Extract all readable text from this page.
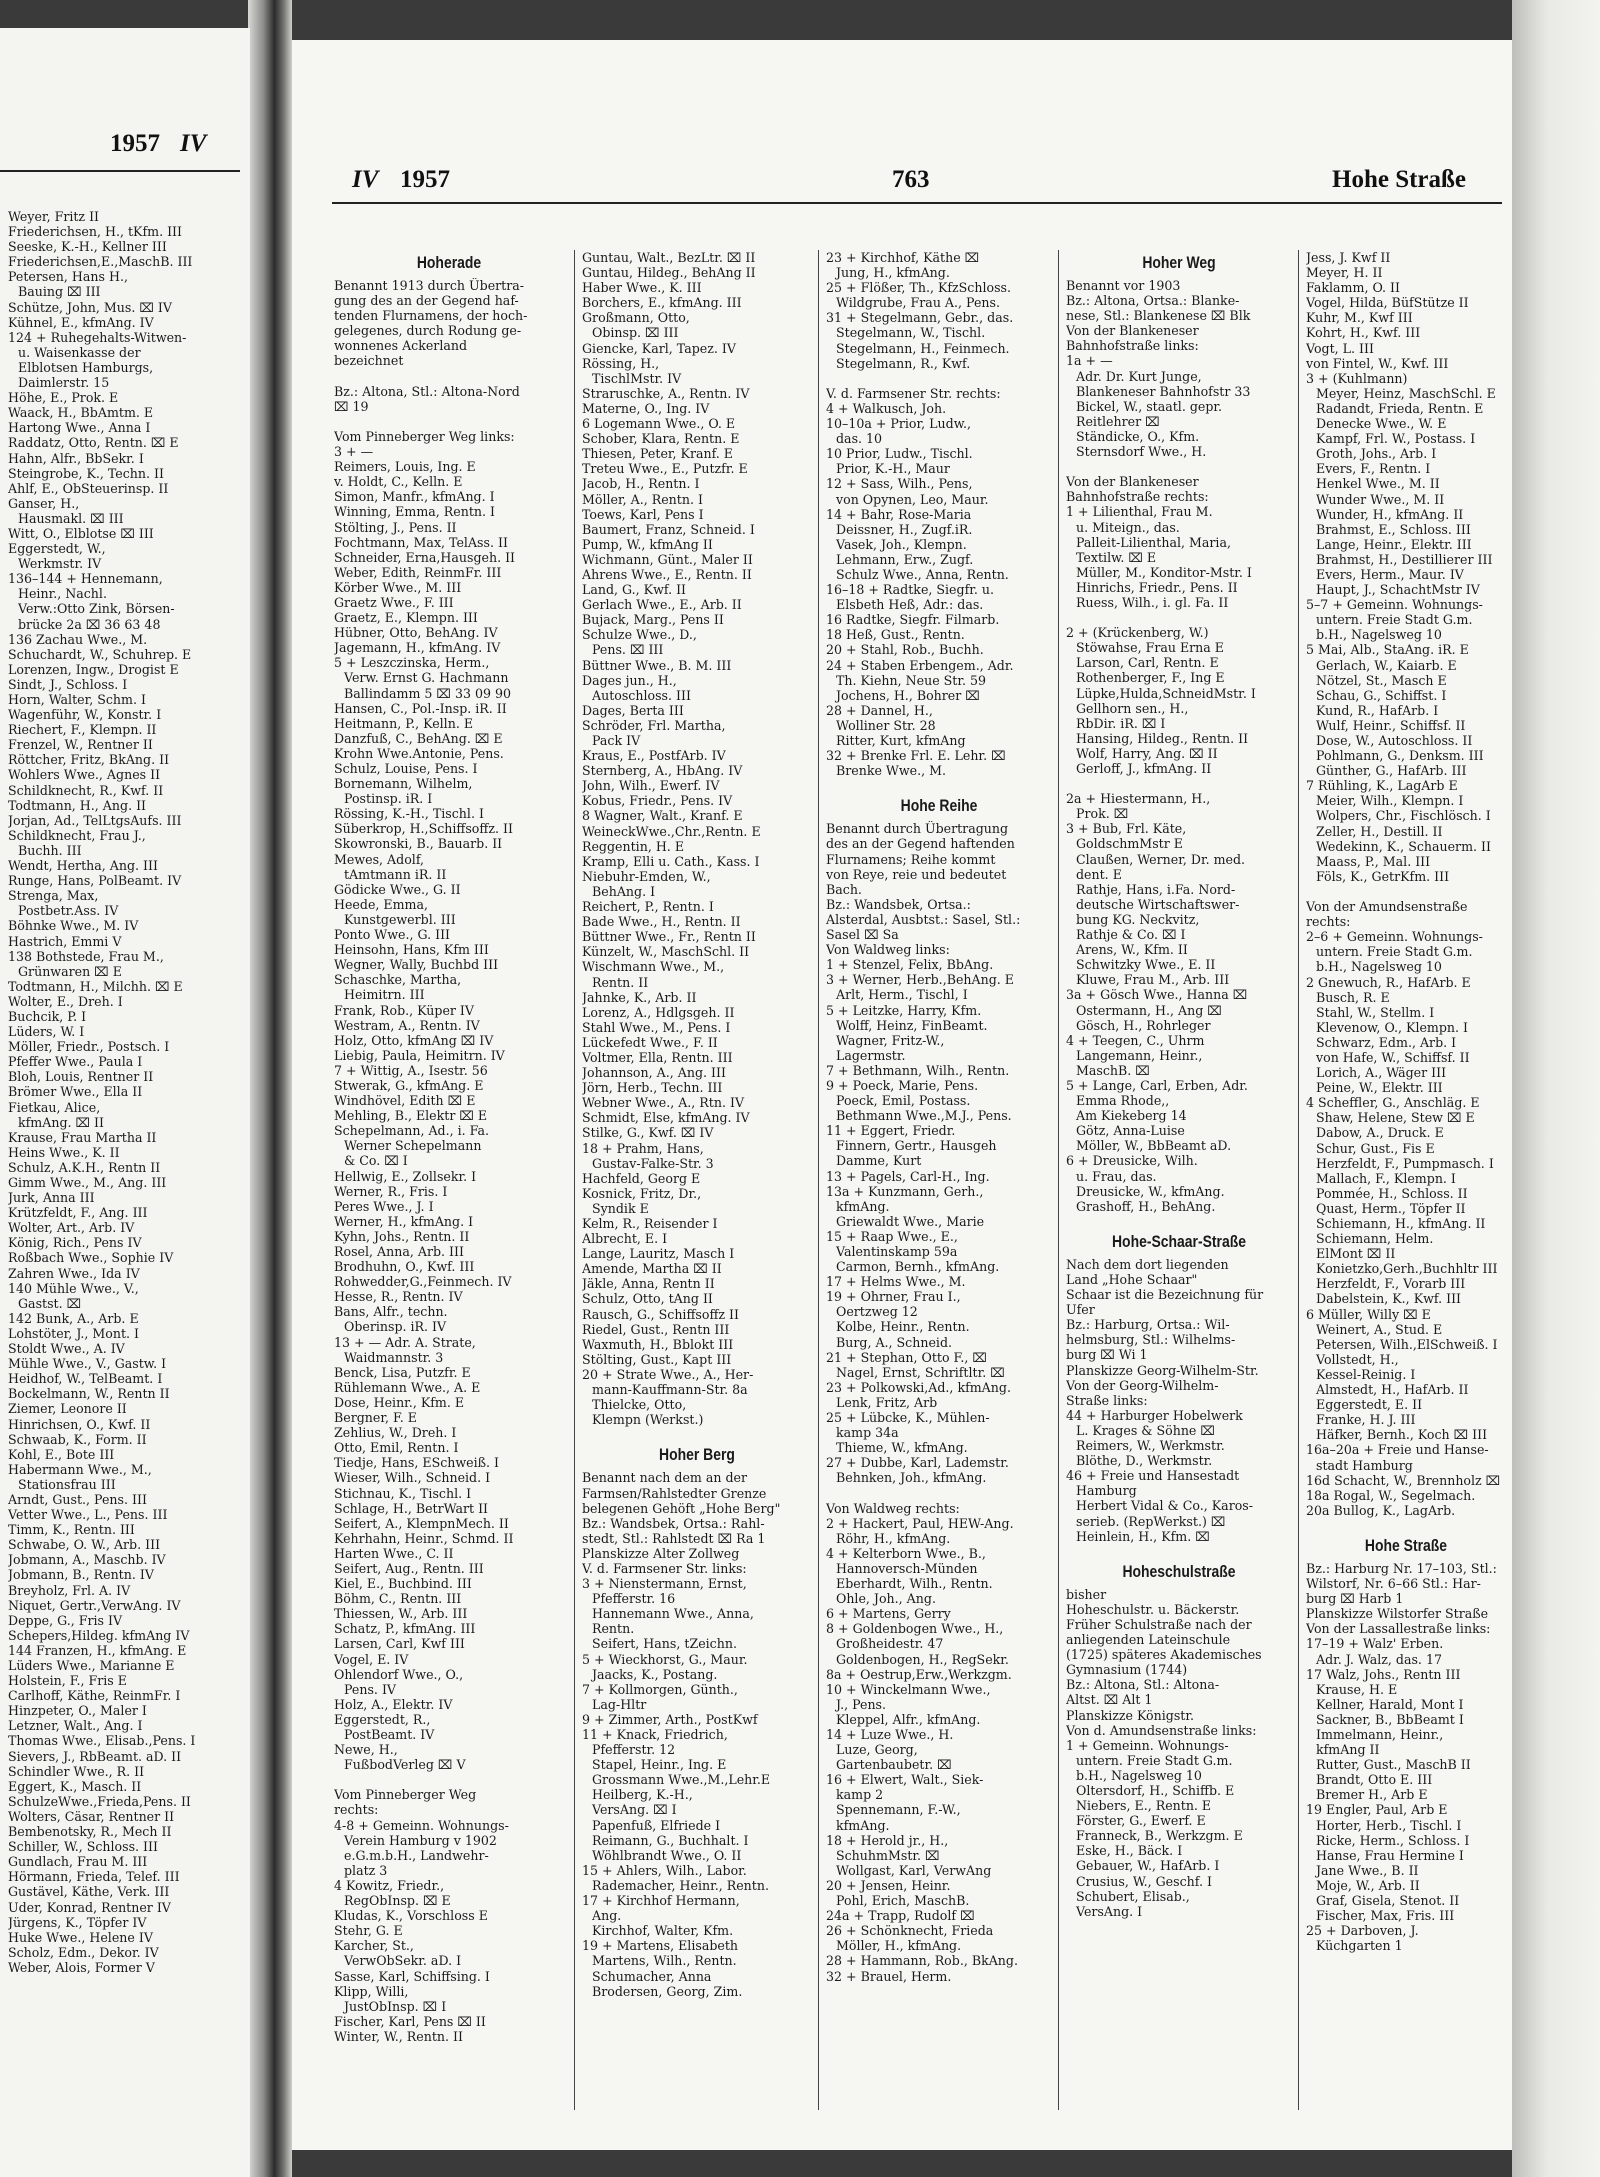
1957 IV
Weyer, Fritz II
Friederichsen, H., tKfm. III
Seeske, K.-H., Kellner III
Friederichsen,E.,MaschB. III
Petersen, Hans H.,
Bauing ⌧ III
Schütze, John, Mus. ⌧ IV
Kühnel, E., kfmAng. IV
124 + Ruhegehalts-Witwen-
u. Waisenkasse der
Elblotsen Hamburgs,
Daimlerstr. 15
Höhe, E., Prok. E
Waack, H., BbAmtm. E
Hartong Wwe., Anna I
Raddatz, Otto, Rentn. ⌧ E
Hahn, Alfr., BbSekr. I
Steingrobe, K., Techn. II
Ahlf, E., ObSteuerinsp. II
Ganser, H.,
Hausmakl. ⌧ III
Witt, O., Elblotse ⌧ III
Eggerstedt, W.,
Werkmstr. IV
136–144 + Hennemann,
Heinr., Nachl.
Verw.:Otto Zink, Börsen-
brücke 2a ⌧ 36 63 48
136 Zachau Wwe., M.
Schuchardt, W., Schuhrep. E
Lorenzen, Ingw., Drogist E
Sindt, J., Schloss. I
Horn, Walter, Schm. I
Wagenführ, W., Konstr. I
Riechert, F., Klempn. II
Frenzel, W., Rentner II
Röttcher, Fritz, BkAng. II
Wohlers Wwe., Agnes II
Schildknecht, R., Kwf. II
Todtmann, H., Ang. II
Jorjan, Ad., TelLtgsAufs. III
Schildknecht, Frau J.,
Buchh. III
Wendt, Hertha, Ang. III
Runge, Hans, PolBeamt. IV
Strenga, Max,
Postbetr.Ass. IV
Böhnke Wwe., M. IV
Hastrich, Emmi V
138 Bothstede, Frau M.,
Grünwaren ⌧ E
Todtmann, H., Milchh. ⌧ E
Wolter, E., Dreh. I
Buchcik, P. I
Lüders, W. I
Möller, Friedr., Postsch. I
Pfeffer Wwe., Paula I
Bloh, Louis, Rentner II
Brömer Wwe., Ella II
Fietkau, Alice,
kfmAng. ⌧ II
Krause, Frau Martha II
Heins Wwe., K. II
Schulz, A.K.H., Rentn II
Gimm Wwe., M., Ang. III
Jurk, Anna III
Krützfeldt, F., Ang. III
Wolter, Art., Arb. IV
König, Rich., Pens IV
Roßbach Wwe., Sophie IV
Zahren Wwe., Ida IV
140 Mühle Wwe., V.,
Gastst. ⌧
142 Bunk, A., Arb. E
Lohstöter, J., Mont. I
Stoldt Wwe., A. IV
Mühle Wwe., V., Gastw. I
Heidhof, W., TelBeamt. I
Bockelmann, W., Rentn II
Ziemer, Leonore II
Hinrichsen, O., Kwf. II
Schwaab, K., Form. II
Kohl, E., Bote III
Habermann Wwe., M.,
Stationsfrau III
Arndt, Gust., Pens. III
Vetter Wwe., L., Pens. III
Timm, K., Rentn. III
Schwabe, O. W., Arb. III
Jobmann, A., Maschb. IV
Jobmann, B., Rentn. IV
Breyholz, Frl. A. IV
Niquet, Gertr.,VerwAng. IV
Deppe, G., Fris IV
Schepers,Hildeg. kfmAng IV
144 Franzen, H., kfmAng. E
Lüders Wwe., Marianne E
Holstein, F., Fris E
Carlhoff, Käthe, ReinmFr. I
Hinzpeter, O., Maler I
Letzner, Walt., Ang. I
Thomas Wwe., Elisab.,Pens. I
Sievers, J., RbBeamt. aD. II
Schindler Wwe., R. II
Eggert, K., Masch. II
SchulzeWwe.,Frieda,Pens. II
Wolters, Cäsar, Rentner II
Bembenotsky, R., Mech II
Schiller, W., Schloss. III
Gundlach, Frau M. III
Hörmann, Frieda, Telef. III
Gustävel, Käthe, Verk. III
Uder, Konrad, Rentner IV
Jürgens, K., Töpfer IV
Huke Wwe., Helene IV
Scholz, Edm., Dekor. IV
Weber, Alois, Former V
IV 1957	763	Hohe Straße
Hoherade
Benannt 1913 durch Übertra-
gung des an der Gegend haf-
tenden Flurnamens, der hoch-
gelegenes, durch Rodung ge-
wonnenes Ackerland
bezeichnet

Bz.: Altona, Stl.: Altona-Nord
⌧ 19

Vom Pinneberger Weg links:
3 + —
Reimers, Louis, Ing. E
v. Holdt, C., Kelln. E
Simon, Manfr., kfmAng. I
Winning, Emma, Rentn. I
Stölting, J., Pens. II
Fochtmann, Max, TelAss. II
Schneider, Erna,Hausgeh. II
Weber, Edith, ReinmFr. III
Körber Wwe., M. III
Graetz Wwe., F. III
Graetz, E., Klempn. III
Hübner, Otto, BehAng. IV
Jagemann, H., kfmAng. IV
5 + Leszczinska, Herm.,
Verw. Ernst G. Hachmann
Ballindamm 5 ⌧ 33 09 90
Hansen, C., Pol.-Insp. iR. II
Heitmann, P., Kelln. E
Danzfuß, C., BehAng. ⌧ E
Krohn Wwe.Antonie, Pens.
Schulz, Louise, Pens. I
Bornemann, Wilhelm,
Postinsp. iR. I
Rössing, K.-H., Tischl. I
Süberkrop, H.,Schiffsoffz. II
Skowronski, B., Bauarb. II
Mewes, Adolf,
tAmtmann iR. II
Gödicke Wwe., G. II
Heede, Emma,
Kunstgewerbl. III
Ponto Wwe., G. III
Heinsohn, Hans, Kfm III
Wegner, Wally, Buchbd III
Schaschke, Martha,
Heimitrn. III
Frank, Rob., Küper IV
Westram, A., Rentn. IV
Holz, Otto, kfmAng ⌧ IV
Liebig, Paula, Heimitrn. IV
7 + Wittig, A., Isestr. 56
Stwerak, G., kfmAng. E
Windhövel, Edith ⌧ E
Mehling, B., Elektr ⌧ E
Schepelmann, Ad., i. Fa.
Werner Schepelmann
& Co. ⌧ I
Hellwig, E., Zollsekr. I
Werner, R., Fris. I
Peres Wwe., J. I
Werner, H., kfmAng. I
Kyhn, Johs., Rentn. II
Rosel, Anna, Arb. III
Brodhuhn, O., Kwf. III
Rohwedder,G.,Feinmech. IV
Hesse, R., Rentn. IV
Bans, Alfr., techn.
Oberinsp. iR. IV
13 + — Adr. A. Strate,
Waidmannstr. 3
Benck, Lisa, Putzfr. E
Rühlemann Wwe., A. E
Dose, Heinr., Kfm. E
Bergner, F. E
Zehlius, W., Dreh. I
Otto, Emil, Rentn. I
Tiedje, Hans, ESchweiß. I
Wieser, Wilh., Schneid. I
Stichnau, K., Tischl. I
Schlage, H., BetrWart II
Seifert, A., KlempnMech. II
Kehrhahn, Heinr., Schmd. II
Harten Wwe., C. II
Seifert, Aug., Rentn. III
Kiel, E., Buchbind. III
Böhm, C., Rentn. III
Thiessen, W., Arb. III
Schatz, P., kfmAng. III
Larsen, Carl, Kwf III
Vogel, E. IV
Ohlendorf Wwe., O.,
Pens. IV
Holz, A., Elektr. IV
Eggerstedt, R.,
PostBeamt. IV
Newe, H.,
FußbodVerleg ⌧ V

Vom Pinneberger Weg
rechts:
4-8 + Gemeinn. Wohnungs-
Verein Hamburg v 1902
e.G.m.b.H., Landwehr-
platz 3
4 Kowitz, Friedr.,
RegObInsp. ⌧ E
Kludas, K., Vorschloss E
Stehr, G. E
Karcher, St.,
VerwObSekr. aD. I
Sasse, Karl, Schiffsing. I
Klipp, Willi,
JustObInsp. ⌧ I
Fischer, Karl, Pens ⌧ II
Winter, W., Rentn. II
Guntau, Walt., BezLtr. ⌧ II
Guntau, Hildeg., BehAng II
Haber Wwe., K. III
Borchers, E., kfmAng. III
Großmann, Otto,
Obinsp. ⌧ III
Giencke, Karl, Tapez. IV
Rössing, H.,
TischlMstr. IV
Straruschke, A., Rentn. IV
Materne, O., Ing. IV
6 Logemann Wwe., O. E
Schober, Klara, Rentn. E
Thiesen, Peter, Kranf. E
Treteu Wwe., E., Putzfr. E
Jacob, H., Rentn. I
Möller, A., Rentn. I
Toews, Karl, Pens I
Baumert, Franz, Schneid. I
Pump, W., kfmAng II
Wichmann, Günt., Maler II
Ahrens Wwe., E., Rentn. II
Land, G., Kwf. II
Gerlach Wwe., E., Arb. II
Bujack, Marg., Pens II
Schulze Wwe., D.,
Pens. ⌧ III
Büttner Wwe., B. M. III
Dages jun., H.,
Autoschloss. III
Dages, Berta III
Schröder, Frl. Martha,
Pack IV
Kraus, E., PostfArb. IV
Sternberg, A., HbAng. IV
John, Wilh., Ewerf. IV
Kobus, Friedr., Pens. IV
8 Wagner, Walt., Kranf. E
WeineckWwe.,Chr.,Rentn. E
Reggentin, H. E
Kramp, Elli u. Cath., Kass. I
Niebuhr-Emden, W.,
BehAng. I
Reichert, P., Rentn. I
Bade Wwe., H., Rentn. II
Büttner Wwe., Fr., Rentn II
Künzelt, W., MaschSchl. II
Wischmann Wwe., M.,
Rentn. II
Jahnke, K., Arb. II
Lorenz, A., Hdlgsgeh. II
Stahl Wwe., M., Pens. I
Lückefedt Wwe., F. II
Voltmer, Ella, Rentn. III
Johannson, A., Ang. III
Jörn, Herb., Techn. III
Webner Wwe., A., Rtn. IV
Schmidt, Else, kfmAng. IV
Stilke, G., Kwf. ⌧ IV
18 + Prahm, Hans,
Gustav-Falke-Str. 3
Hachfeld, Georg E
Kosnick, Fritz, Dr.,
Syndik E
Kelm, R., Reisender I
Albrecht, E. I
Lange, Lauritz, Masch I
Amende, Martha ⌧ II
Jäkle, Anna, Rentn II
Schulz, Otto, tAng II
Rausch, G., Schiffsoffz II
Riedel, Gust., Rentn III
Waxmuth, H., Bblokt III
Stölting, Gust., Kapt III
20 + Strate Wwe., A., Her-
mann-Kauffmann-Str. 8a
Thielcke, Otto,
Klempn (Werkst.)

Hoher Berg
Benannt nach dem an der
Farmsen/Rahlstedter Grenze
belegenen Gehöft „Hohe Berg"
Bz.: Wandsbek, Ortsa.: Rahl-
stedt, Stl.: Rahlstedt ⌧ Ra 1
Planskizze Alter Zollweg
V. d. Farmsener Str. links:
3 + Nienstermann, Ernst,
Pfefferstr. 16
Hannemann Wwe., Anna,
Rentn.
Seifert, Hans, tZeichn.
5 + Wieckhorst, G., Maur.
Jaacks, K., Postang.
7 + Kollmorgen, Günth.,
Lag-Hltr
9 + Zimmer, Arth., PostKwf
11 + Knack, Friedrich,
Pfefferstr. 12
Stapel, Heinr., Ing. E
Grossmann Wwe.,M.,Lehr.E
Heilberg, K.-H.,
VersAng. ⌧ I
Papenfuß, Elfriede I
Reimann, G., Buchhalt. I
Wöhlbrandt Wwe., O. II
15 + Ahlers, Wilh., Labor.
Rademacher, Heinr., Rentn.
17 + Kirchhof Hermann,
Ang.
Kirchhof, Walter, Kfm.
19 + Martens, Elisabeth
Martens, Wilh., Rentn.
Schumacher, Anna
Brodersen, Georg, Zim.
23 + Kirchhof, Käthe ⌧
Jung, H., kfmAng.
25 + Flößer, Th., KfzSchloss.
Wildgrube, Frau A., Pens.
31 + Stegelmann, Gebr., das.
Stegelmann, W., Tischl.
Stegelmann, H., Feinmech.
Stegelmann, R., Kwf.

V. d. Farmsener Str. rechts:
4 + Walkusch, Joh.
10–10a + Prior, Ludw.,
das. 10
10 Prior, Ludw., Tischl.
Prior, K.-H., Maur
12 + Sass, Wilh., Pens,
von Opynen, Leo, Maur.
14 + Bahr, Rose-Maria
Deissner, H., Zugf.iR.
Vasek, Joh., Klempn.
Lehmann, Erw., Zugf.
Schulz Wwe., Anna, Rentn.
16–18 + Radtke, Siegfr. u.
Elsbeth Heß, Adr.: das.
16 Radtke, Siegfr. Filmarb.
18 Heß, Gust., Rentn.
20 + Stahl, Rob., Buchh.
24 + Staben Erbengem., Adr.
Th. Kiehn, Neue Str. 59
Jochens, H., Bohrer ⌧
28 + Dannel, H.,
Wolliner Str. 28
Ritter, Kurt, kfmAng
32 + Brenke Frl. E. Lehr. ⌧
Brenke Wwe., M.

Hohe Reihe
Benannt durch Übertragung
des an der Gegend haftenden
Flurnamens; Reihe kommt
von Reye, reie und bedeutet
Bach.
Bz.: Wandsbek, Ortsa.:
Alsterdal, Ausbtst.: Sasel, Stl.:
Sasel ⌧ Sa
Von Waldweg links:
1 + Stenzel, Felix, BbAng.
3 + Werner, Herb.,BehAng. E
Arlt, Herm., Tischl, I
5 + Leitzke, Harry, Kfm.
Wolff, Heinz, FinBeamt.
Wagner, Fritz-W.,
Lagermstr.
7 + Bethmann, Wilh., Rentn.
9 + Poeck, Marie, Pens.
Poeck, Emil, Postass.
Bethmann Wwe.,M.J., Pens.
11 + Eggert, Friedr.
Finnern, Gertr., Hausgeh
Damme, Kurt
13 + Pagels, Carl-H., Ing.
13a + Kunzmann, Gerh.,
kfmAng.
Griewaldt Wwe., Marie
15 + Raap Wwe., E.,
Valentinskamp 59a
Carmon, Bernh., kfmAng.
17 + Helms Wwe., M.
19 + Ohrner, Frau I.,
Oertzweg 12
Kolbe, Heinr., Rentn.
Burg, A., Schneid.
21 + Stephan, Otto F., ⌧
Nagel, Ernst, Schriftltr. ⌧
23 + Polkowski,Ad., kfmAng.
Lenk, Fritz, Arb
25 + Lübcke, K., Mühlen-
kamp 34a
Thieme, W., kfmAng.
27 + Dubbe, Karl, Lademstr.
Behnken, Joh., kfmAng.

Von Waldweg rechts:
2 + Hackert, Paul, HEW-Ang.
Röhr, H., kfmAng.
4 + Kelterborn Wwe., B.,
Hannoversch-Münden
Eberhardt, Wilh., Rentn.
Ohle, Joh., Ang.
6 + Martens, Gerry
8 + Goldenbogen Wwe., H.,
Großheidestr. 47
Goldenbogen, H., RegSekr.
8a + Oestrup,Erw.,Werkzgm.
10 + Winckelmann Wwe.,
J., Pens.
Kleppel, Alfr., kfmAng.
14 + Luze Wwe., H.
Luze, Georg,
Gartenbaubetr. ⌧
16 + Elwert, Walt., Siek-
kamp 2
Spennemann, F.-W.,
kfmAng.
18 + Herold jr., H.,
SchuhmMstr. ⌧
Wollgast, Karl, VerwAng
20 + Jensen, Heinr.
Pohl, Erich, MaschB.
24a + Trapp, Rudolf ⌧
26 + Schönknecht, Frieda
Möller, H., kfmAng.
28 + Hammann, Rob., BkAng.
32 + Brauel, Herm.
Hoher Weg
Benannt vor 1903
Bz.: Altona, Ortsa.: Blanke-
nese, Stl.: Blankenese ⌧ Blk
Von der Blankeneser
Bahnhofstraße links:
1a + —
Adr. Dr. Kurt Junge,
Blankeneser Bahnhofstr 33
Bickel, W., staatl. gepr.
Reitlehrer ⌧
Ständicke, O., Kfm.
Sternsdorf Wwe., H.

Von der Blankeneser
Bahnhofstraße rechts:
1 + Lilienthal, Frau M.
u. Miteign., das.
Palleit-Lilienthal, Maria,
Textilw. ⌧ E
Müller, M., Konditor-Mstr. I
Hinrichs, Friedr., Pens. II
Ruess, Wilh., i. gl. Fa. II

2 + (Krückenberg, W.)
Stöwahse, Frau Erna E
Larson, Carl, Rentn. E
Rothenberger, F., Ing E
Lüpke,Hulda,SchneidMstr. I
Gellhorn sen., H.,
RbDir. iR. ⌧ I
Hansing, Hildeg., Rentn. II
Wolf, Harry, Ang. ⌧ II
Gerloff, J., kfmAng. II

2a + Hiestermann, H.,
Prok. ⌧
3 + Bub, Frl. Käte,
GoldschmMstr E
Claußen, Werner, Dr. med.
dent. E
Rathje, Hans, i.Fa. Nord-
deutsche Wirtschaftswer-
bung KG. Neckvitz,
Rathje & Co. ⌧ I
Arens, W., Kfm. II
Schwitzky Wwe., E. II
Kluwe, Frau M., Arb. III
3a + Gösch Wwe., Hanna ⌧
Ostermann, H., Ang ⌧
Gösch, H., Rohrleger
4 + Teegen, C., Uhrm
Langemann, Heinr.,
MaschB. ⌧
5 + Lange, Carl, Erben, Adr.
Emma Rhode,,
Am Kiekeberg 14
Götz, Anna-Luise
Möller, W., BbBeamt aD.
6 + Dreusicke, Wilh.
u. Frau, das.
Dreusicke, W., kfmAng.
Grashoff, H., BehAng.

Hohe-Schaar-Straße
Nach dem dort liegenden
Land „Hohe Schaar"
Schaar ist die Bezeichnung für
Ufer
Bz.: Harburg, Ortsa.: Wil-
helmsburg, Stl.: Wilhelms-
burg ⌧ Wi 1
Planskizze Georg-Wilhelm-Str.
Von der Georg-Wilhelm-
Straße links:
44 + Harburger Hobelwerk
L. Krages & Söhne ⌧
Reimers, W., Werkmstr.
Blöthe, D., Werkmstr.
46 + Freie und Hansestadt
Hamburg
Herbert Vidal & Co., Karos-
serieb. (RepWerkst.) ⌧
Heinlein, H., Kfm. ⌧

Hoheschulstraße
bisher
Hoheschulstr. u. Bäckerstr.
Früher Schulstraße nach der
anliegenden Lateinschule
(1725) späteres Akademisches
Gymnasium (1744)
Bz.: Altona, Stl.: Altona-
Altst. ⌧ Alt 1
Planskizze Königstr.
Von d. Amundsenstraße links:
1 + Gemeinn. Wohnungs-
untern. Freie Stadt G.m.
b.H., Nagelsweg 10
Oltersdorf, H., Schiffb. E
Niebers, E., Rentn. E
Förster, G., Ewerf. E
Franneck, B., Werkzgm. E
Eske, H., Bäck. I
Gebauer, W., HafArb. I
Crusius, W., Geschf. I
Schubert, Elisab.,
VersAng. I
Jess, J. Kwf II
Meyer, H. II
Faklamm, O. II
Vogel, Hilda, BüfStütze II
Kuhr, M., Kwf III
Kohrt, H., Kwf. III
Vogt, L. III
von Fintel, W., Kwf. III
3 + (Kuhlmann)
Meyer, Heinz, MaschSchl. E
Radandt, Frieda, Rentn. E
Denecke Wwe., W. E
Kampf, Frl. W., Postass. I
Groth, Johs., Arb. I
Evers, F., Rentn. I
Henkel Wwe., M. II
Wunder Wwe., M. II
Wunder, H., kfmAng. II
Brahmst, E., Schloss. III
Lange, Heinr., Elektr. III
Brahmst, H., Destillierer III
Evers, Herm., Maur. IV
Haupt, J., SchachtMstr IV
5–7 + Gemeinn. Wohnungs-
untern. Freie Stadt G.m.
b.H., Nagelsweg 10
5 Mai, Alb., StaAng. iR. E
Gerlach, W., Kaiarb. E
Nötzel, St., Masch E
Schau, G., Schiffst. I
Kund, R., HafArb. I
Wulf, Heinr., Schiffsf. II
Dose, W., Autoschloss. II
Pohlmann, G., Denksm. III
Günther, G., HafArb. III
7 Rühling, K., LagArb E
Meier, Wilh., Klempn. I
Wolpers, Chr., Fischlösch. I
Zeller, H., Destill. II
Wedekinn, K., Schauerm. II
Maass, P., Mal. III
Föls, K., GetrKfm. III

Von der Amundsenstraße
rechts:
2–6 + Gemeinn. Wohnungs-
untern. Freie Stadt G.m.
b.H., Nagelsweg 10
2 Gnewuch, R., HafArb. E
Busch, R. E
Stahl, W., Stellm. I
Klevenow, O., Klempn. I
Schwarz, Edm., Arb. I
von Hafe, W., Schiffsf. II
Lorich, A., Wäger III
Peine, W., Elektr. III
4 Scheffler, G., Anschläg. E
Shaw, Helene, Stew ⌧ E
Dabow, A., Druck. E
Schur, Gust., Fis E
Herzfeldt, F., Pumpmasch. I
Mallach, F., Klempn. I
Pommée, H., Schloss. II
Quast, Herm., Töpfer II
Schiemann, H., kfmAng. II
Schiemann, Helm.
ElMont ⌧ II
Konietzko,Gerh.,Buchhltr III
Herzfeldt, F., Vorarb III
Dabelstein, K., Kwf. III
6 Müller, Willy ⌧ E
Weinert, A., Stud. E
Petersen, Wilh.,ElSchweiß. I
Vollstedt, H.,
Kessel-Reinig. I
Almstedt, H., HafArb. II
Eggerstedt, E. II
Franke, H. J. III
Häfker, Bernh., Koch ⌧ III
16a–20a + Freie und Hanse-
stadt Hamburg
16d Schacht, W., Brennholz ⌧
18a Rogal, W., Segelmach.
20a Bullog, K., LagArb.

Hohe Straße
Bz.: Harburg Nr. 17–103, Stl.:
Wilstorf, Nr. 6–66 Stl.: Har-
burg ⌧ Harb 1
Planskizze Wilstorfer Straße
Von der Lassallestraße links:
17–19 + Walz' Erben.
Adr. J. Walz, das. 17
17 Walz, Johs., Rentn III
Krause, H. E
Kellner, Harald, Mont I
Sackner, B., BbBeamt I
Immelmann, Heinr.,
kfmAng II
Rutter, Gust., MaschB II
Brandt, Otto E. III
Bremer H., Arb E
19 Engler, Paul, Arb E
Horter, Herb., Tischl. I
Ricke, Herm., Schloss. I
Hanse, Frau Hermine I
Jane Wwe., B. II
Moje, W., Arb. II
Graf, Gisela, Stenot. II
Fischer, Max, Fris. III
25 + Darboven, J.
Küchgarten 1
